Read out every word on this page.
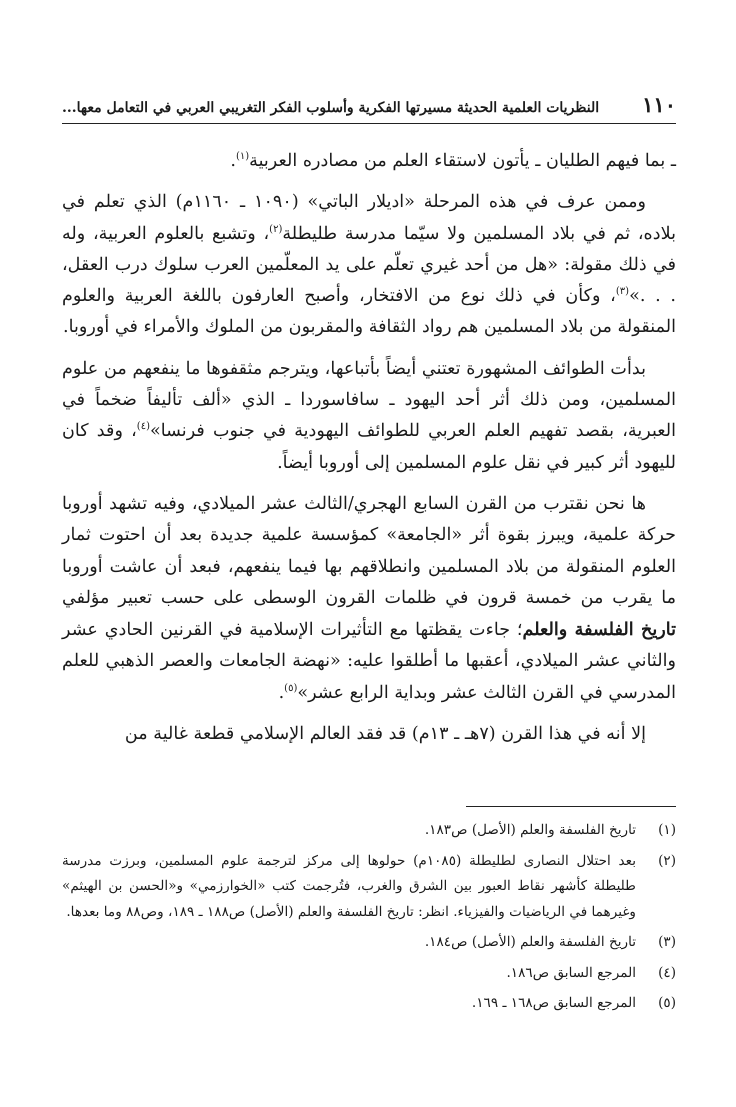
١١٠
النظريات العلمية الحديثة مسيرتها الفكرية وأسلوب الفكر التغريبي العربي في التعامل معها...

ـ بما فيهم الطليان ـ يأتون لاستقاء العلم من مصادره العربية$^{(١)}$.

وممن عرف في هذه المرحلة «اديلار الباتي» (١٠٩٠ ـ ١١٦٠م) الذي تعلم في بلاده، ثم في بلاد المسلمين ولا سيّما مدرسة طليطلة$^{(٢)}$، وتشبع بالعلوم العربية، وله في ذلك مقولة: «هل من أحد غيري تعلّم على يد المعلّمين العرب سلوك درب العقل، . . .»$^{(٣)}$، وكأن في ذلك نوع من الافتخار، وأصبح العارفون باللغة العربية والعلوم المنقولة من بلاد المسلمين هم رواد الثقافة والمقربون من الملوك والأمراء في أوروبا.

بدأت الطوائف المشهورة تعتني أيضاً بأتباعها، ويترجم مثقفوها ما ينفعهم من علوم المسلمين، ومن ذلك أثر أحد اليهود ـ سافاسوردا ـ الذي «ألف تأليفاً ضخماً في العبرية، بقصد تفهيم العلم العربي للطوائف اليهودية في جنوب فرنسا»$^{(٤)}$، وقد كان لليهود أثر كبير في نقل علوم المسلمين إلى أوروبا أيضاً.

ها نحن نقترب من القرن السابع الهجري/الثالث عشر الميلادي، وفيه تشهد أوروبا حركة علمية، ويبرز بقوة أثر «الجامعة» كمؤسسة علمية جديدة بعد أن احتوت ثمار العلوم المنقولة من بلاد المسلمين وانطلاقهم بها فيما ينفعهم، فبعد أن عاشت أوروبا ما يقرب من خمسة قرون في ظلمات القرون الوسطى على حسب تعبير مؤلفي تاريخ الفلسفة والعلم؛ جاءت يقظتها مع التأثيرات الإسلامية في القرنين الحادي عشر والثاني عشر الميلادي، أعقبها ما أطلقوا عليه: «نهضة الجامعات والعصر الذهبي للعلم المدرسي في القرن الثالث عشر وبداية الرابع عشر»$^{(٥)}$.

إلا أنه في هذا القرن (٧هـ ـ ١٣م) قد فقد العالم الإسلامي قطعة غالية من

(١)
تاريخ الفلسفة والعلم (الأصل) ص١٨٣.
(٢)
بعد احتلال النصارى لطليطلة (١٠٨٥م) حولوها إلى مركز لترجمة علوم المسلمين، وبرزت مدرسة طليطلة كأشهر نقاط العبور بين الشرق والغرب، فتُرجمت كتب «الخوارزمي» و«الحسن بن الهيثم» وغيرهما في الرياضيات والفيزياء. انظر: تاريخ الفلسفة والعلم (الأصل) ص١٨٨ ـ ١٨٩، وص٨٨ وما بعدها.
(٣)
تاريخ الفلسفة والعلم (الأصل) ص١٨٤.
(٤)
المرجع السابق ص١٨٦.
(٥)
المرجع السابق ص١٦٨ ـ ١٦٩.
